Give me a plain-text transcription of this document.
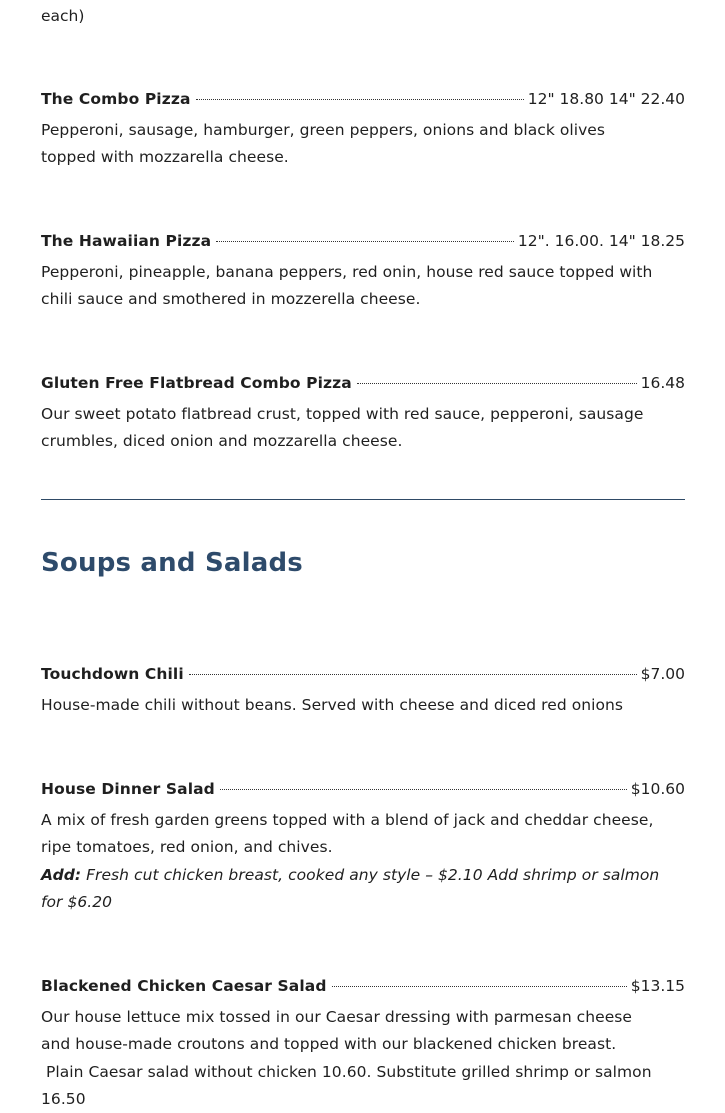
each)
The Combo Pizza	12" 18.80 14" 22.40
Pepperoni, sausage, hamburger, green peppers, onions and black olives
topped with mozzarella cheese.
The Hawaiian Pizza	12". 16.00. 14" 18.25
Pepperoni, pineapple, banana peppers, red onin, house red sauce topped with
chili sauce and smothered in mozzerella cheese.
Gluten Free Flatbread Combo Pizza	16.48
Our sweet potato flatbread crust, topped with red sauce, pepperoni, sausage
crumbles, diced onion and mozzarella cheese.
Soups and Salads
Touchdown Chili	$7.00
House-made chili without beans. Served with cheese and diced red onions
House Dinner Salad	$10.60
A mix of fresh garden greens topped with a blend of jack and cheddar cheese,
ripe tomatoes, red onion, and chives.
Add: Fresh cut chicken breast, cooked any style – $2.10 Add shrimp or salmon
for $6.20
Blackened Chicken Caesar Salad	$13.15
Our house lettuce mix tossed in our Caesar dressing with parmesan cheese
and house-made croutons and topped with our blackened chicken breast.
Plain Caesar salad without chicken 10.60. Substitute grilled shrimp or salmon
16.50
